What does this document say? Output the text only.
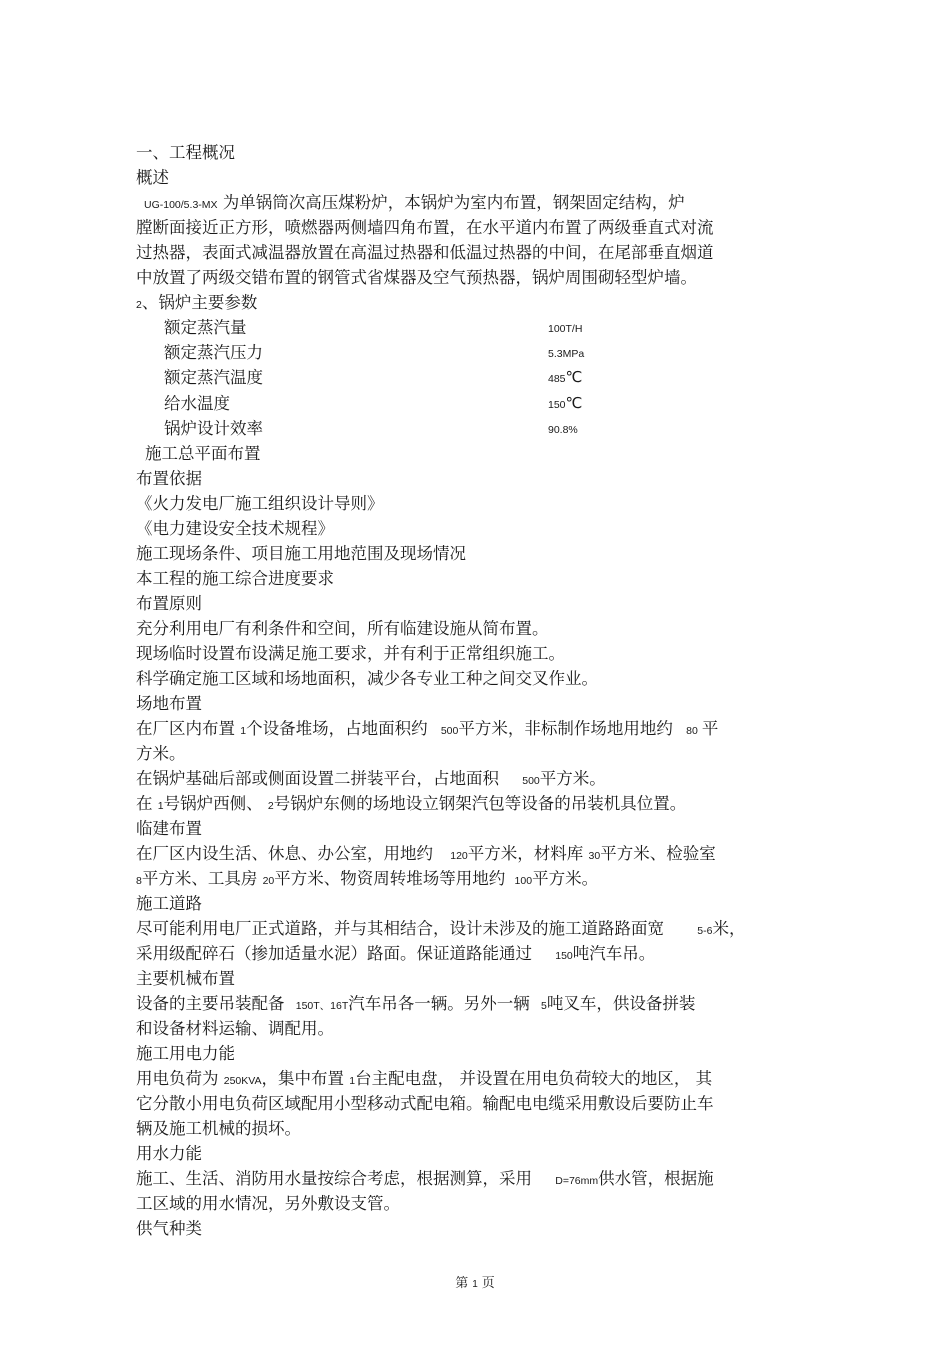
一、工程概况
概述
UG-100/5.3-MX 为单锅筒次高压煤粉炉，本锅炉为室内布置，钢架固定结构，炉
膛断面接近正方形，喷燃器两侧墙四角布置，在水平道内布置了两级垂直式对流
过热器，表面式减温器放置在高温过热器和低温过热器的中间，在尾部垂直烟道
中放置了两级交错布置的钢管式省煤器及空气预热器，锅炉周围砌轻型炉墙。
2、锅炉主要参数
额定蒸汽量	100T/H
额定蒸汽压力	5.3MPa
额定蒸汽温度	485℃
给水温度	150℃
锅炉设计效率	90.8%
施工总平面布置
布置依据
《火力发电厂施工组织设计导则》
《电力建设安全技术规程》
施工现场条件、项目施工用地范围及现场情况
本工程的施工综合进度要求
布置原则
充分利用电厂有利条件和空间，所有临建设施从简布置。
现场临时设置布设满足施工要求，并有利于正常组织施工。
科学确定施工区域和场地面积，减少各专业工种之间交叉作业。
场地布置
在厂区内布置 1个设备堆场，占地面积约 500平方米，非标制作场地用地约 80 平
方米。
在锅炉基础后部或侧面设置二拼装平台，占地面积 500平方米。
在 1号锅炉西侧、 2号锅炉东侧的场地设立钢架汽包等设备的吊装机具位置。
临建布置
在厂区内设生活、休息、办公室，用地约 120平方米，材料库 30平方米、检验室
8平方米、工具房 20平方米、物资周转堆场等用地约 100平方米。
施工道路
尽可能利用电厂正式道路，并与其相结合，设计未涉及的施工道路路面宽	5-6米，
采用级配碎石（掺加适量水泥）路面。保证道路能通过 150吨汽车吊。
主要机械布置
设备的主要吊装配备 150T、16T汽车吊各一辆。另外一辆 5吨叉车，供设备拼装
和设备材料运输、调配用。
施工用电力能
用电负荷为 250KVA，集中布置 1台主配电盘， 并设置在用电负荷较大的地区， 其
它分散小用电负荷区域配用小型移动式配电箱。输配电电缆采用敷设后要防止车
辆及施工机械的损坏。
用水力能
施工、生活、消防用水量按综合考虑，根据测算，采用 D=76mm供水管，根据施
工区域的用水情况，另外敷设支管。
供气种类
第 1 页
